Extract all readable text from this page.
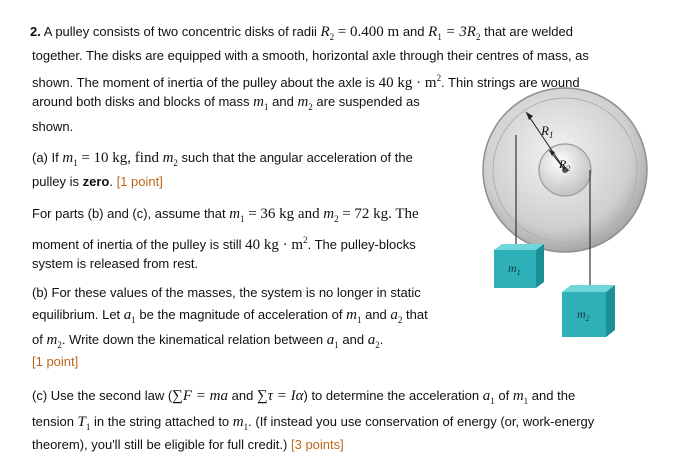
2. A pulley consists of two concentric disks of radii $R_2 = 0.400$ m and $R_1 = 3R_2$ that are welded
together. The disks are equipped with a smooth, horizontal axle through their centres of mass, as
shown. The moment of inertia of the pulley about the axle is 40 kg · $m^2$. Thin strings are wound
around both disks and blocks of mass $m_1$ and $m_2$ are suspended as
shown.
(a) If $m_1 = 10$ kg, find $m_2$ such that the angular acceleration of the
pulley is zero. [1 point]
For parts (b) and (c), assume that $m_1 = 36$ kg and $m_2 = 72$ kg. The
moment of inertia of the pulley is still 40 kg · $m^2$. The pulley-blocks
system is released from rest.
(b) For these values of the masses, the system is no longer in static
equilibrium. Let $a_1$ be the magnitude of acceleration of $m_1$ and $a_2$ that
of $m_2$. Write down the kinematical relation between $a_1$ and $a_2$.
[1 point]
(c) Use the second law (∑F = ma and ∑τ = Iα) to determine the acceleration $a_1$ of $m_1$ and the
tension $T_1$ in the string attached to $m_1$. (If instead you use conservation of energy (or, work-energy
theorem), you'll still be eligible for full credit.) [3 points]
$R_1$
$R_2$
$m_1$
$m_2$
